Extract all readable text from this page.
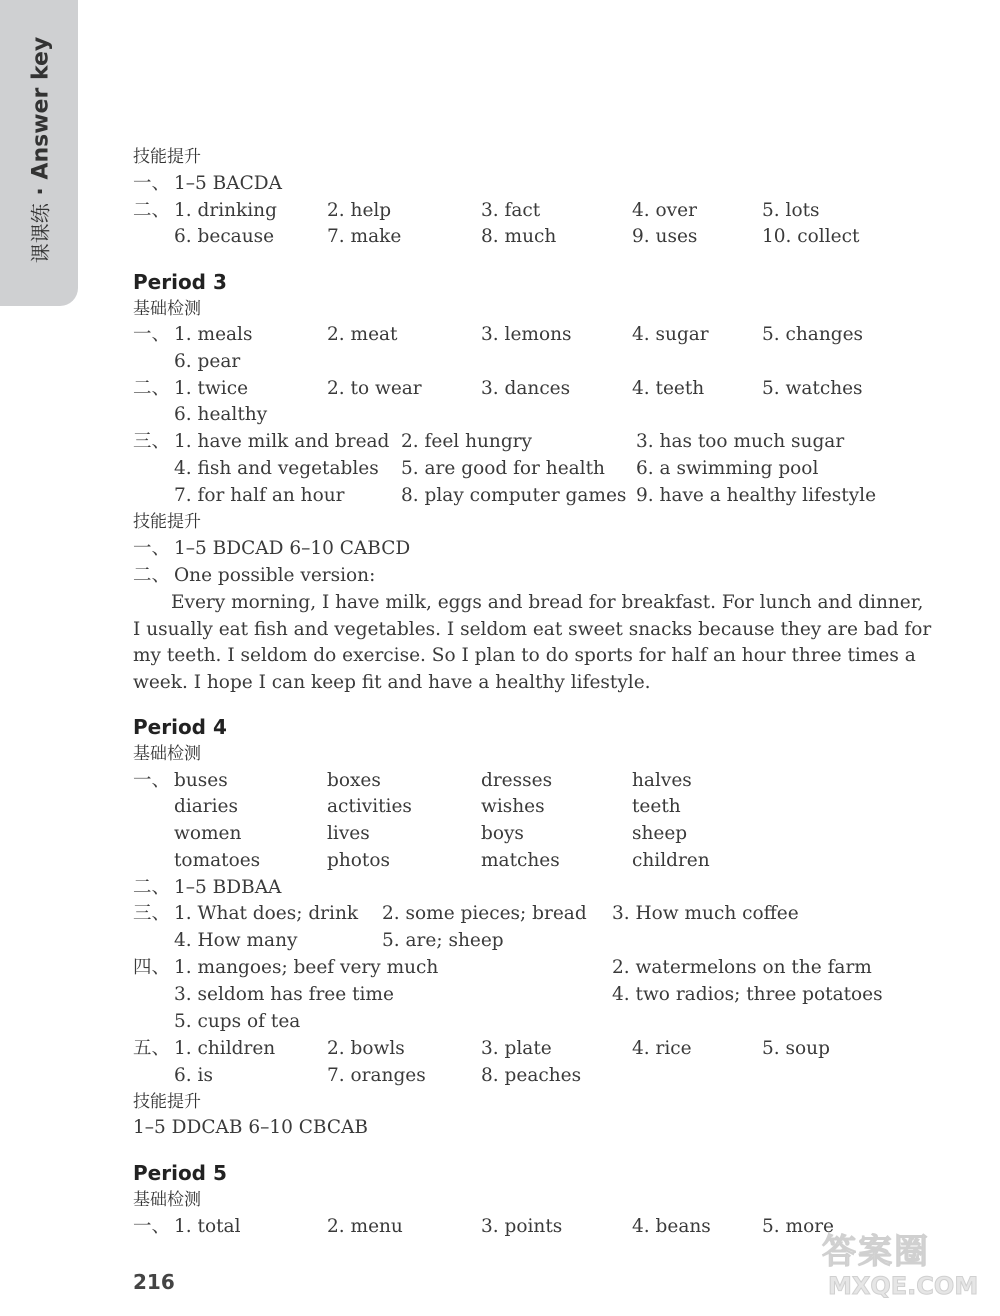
课课练 · Answer key	技能提升
一、 1–5 BACDA
二、 1. drinking	2. help	3. fact	4. over	5. lots
6. because	7. make	8. much	9. uses	10. collect
Period 3
基础检测
一、 1. meals	2. meat	3. lemons	4. sugar	5. changes
6. pear
二、 1. twice	2. to wear	3. dances	4. teeth	5. watches
6. healthy
三、 1. have milk and bread 2. feel hungry	3. has too much sugar
4. fish and vegetables 5. are good for health 6. a swimming pool
7. for half an hour	8. play computer games 9. have a healthy lifestyle
技能提升
一、 1–5 BDCAD 6–10 CABCD
二、 One possible version:
Every morning, I have milk, eggs and bread for breakfast. For lunch and dinner,
I usually eat fish and vegetables. I seldom eat sweet snacks because they are bad for
my teeth. I seldom do exercise. So I plan to do sports for half an hour three times a
week. I hope I can keep fit and have a healthy lifestyle.
Period 4
基础检测
一、 buses	boxes	dresses	halves
diaries	activities	wishes	teeth
women	lives	boys	sheep
tomatoes	photos	matches	children
二、 1–5 BDBAA
三、 1. What does; drink 2. some pieces; bread 3. How much coffee
4. How many	5. are; sheep
四、 1. mangoes; beef very much	2. watermelons on the farm
3. seldom has free time	4. two radios; three potatoes
5. cups of tea
五、 1. children	2. bowls	3. plate	4. rice	5. soup
6. is	7. oranges	8. peaches
技能提升
1–5 DDCAB 6–10 CBCAB
Period 5
基础检测
一、 1. total	2. menu	3. points	4. beans	5. more
216
答案圈
MXQE.COM
